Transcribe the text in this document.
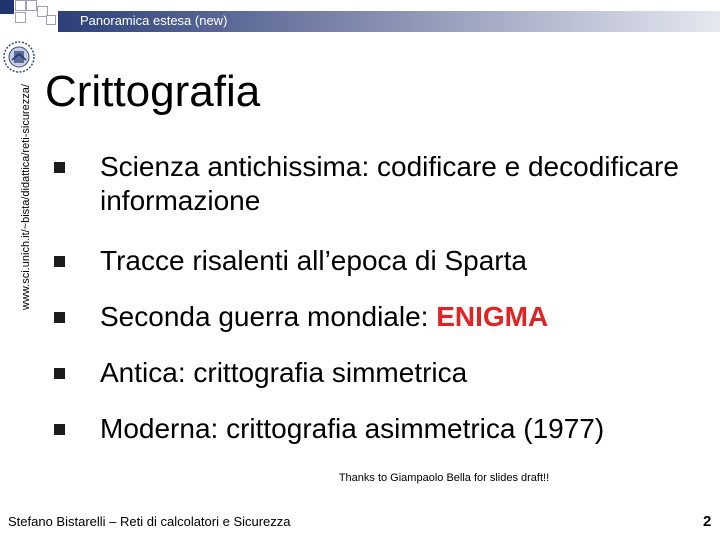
Panoramica estesa (new)
www.sci.unich.it/~bista/didattica/reti-sicurezza/ Crittografia
Scienza antichissima: codificare e decodificare informazione
Tracce risalenti all’epoca di Sparta
Seconda guerra mondiale: ENIGMA
Antica: crittografia simmetrica
Moderna: crittografia asimmetrica (1977)
Stefano Bistarelli – Reti di calcolatori e Sicurezza
Thanks to Giampaolo Bella for slides draft!!
2
